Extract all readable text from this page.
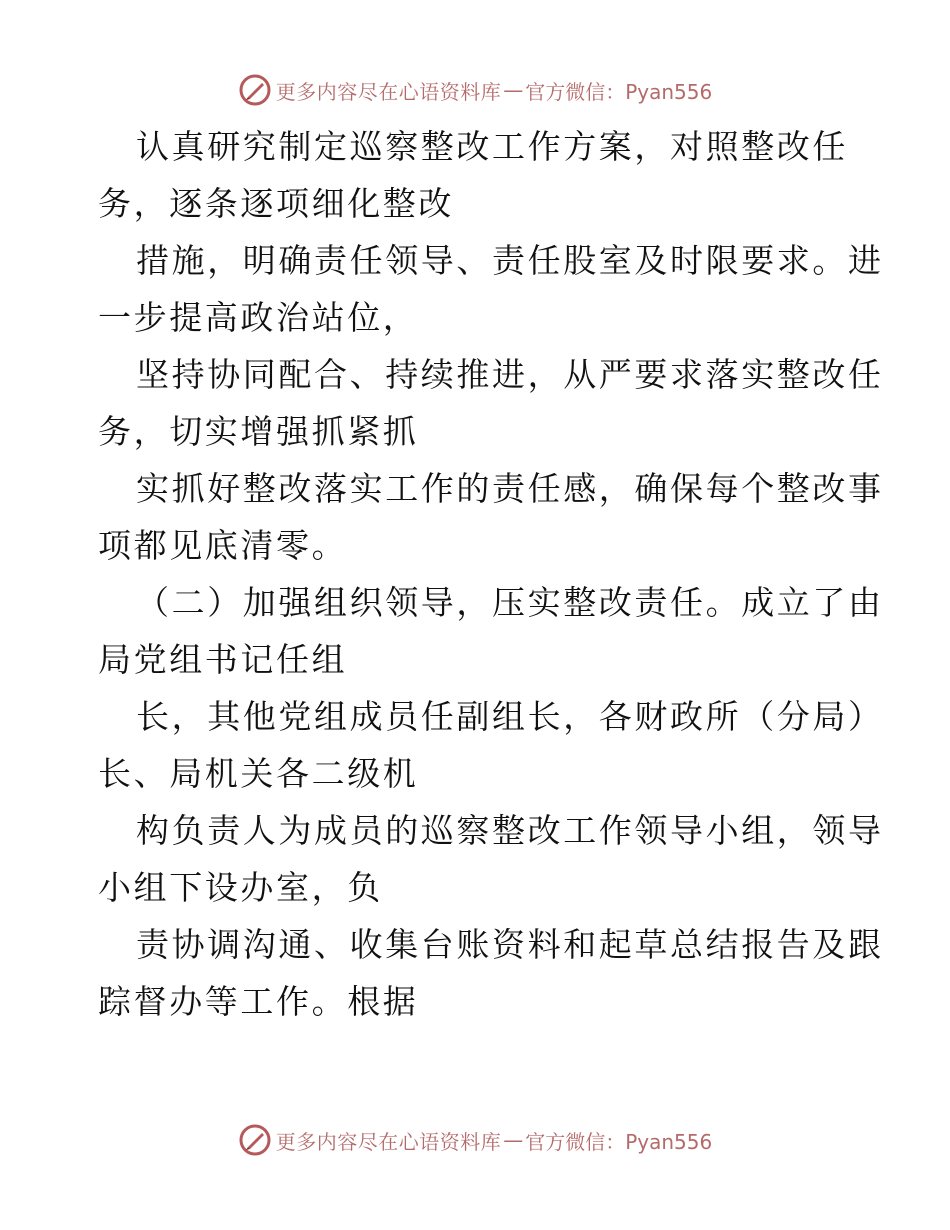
更多内容尽在心语资料库 — 官方微信：Pyan556
认真研究制定巡察整改工作方案，对照整改任
务，逐条逐项细化整改
措施，明确责任领导、责任股室及时限要求。进
一步提高政治站位，
坚持协同配合、持续推进，从严要求落实整改任
务，切实增强抓紧抓
实抓好整改落实工作的责任感，确保每个整改事
项都见底清零。
（二）加强组织领导，压实整改责任。成立了由
局党组书记任组
长，其他党组成员任副组长，各财政所（分局）
长、局机关各二级机
构负责人为成员的巡察整改工作领导小组，领导
小组下设办室，负
责协调沟通、收集台账资料和起草总结报告及跟
踪督办等工作。根据
更多内容尽在心语资料库 — 官方微信：Pyan556
